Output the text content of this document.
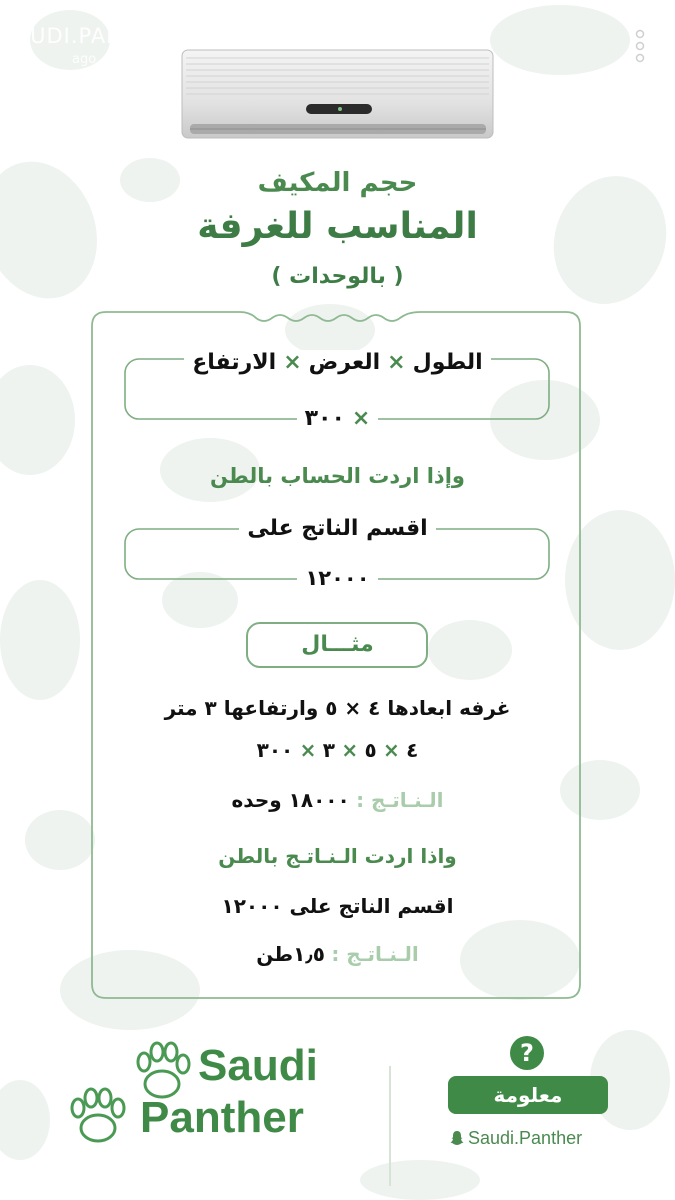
SAUDI.PANTH
ago
حجم المكيف
المناسب للغرفة
( بالوحدات )
الطول × العرض × الارتفاع
× ٣٠٠
وإذا اردت الحساب بالطن
اقسم الناتج على
١٢٠٠٠
مثـــال
غرفه ابعادها ٤ × ٥ وارتفاعها ٣ متر
٤ × ٥ × ٣ × ٣٠٠
الـنـاتـج : ١٨٠٠٠ وحده
واذا اردت الـنـاتـج بالطن
اقسم الناتج على ١٢٠٠٠
الـنـاتـج : ١٫٥طن
Saudi
Panther
?
معلومة
Saudi.Panther
